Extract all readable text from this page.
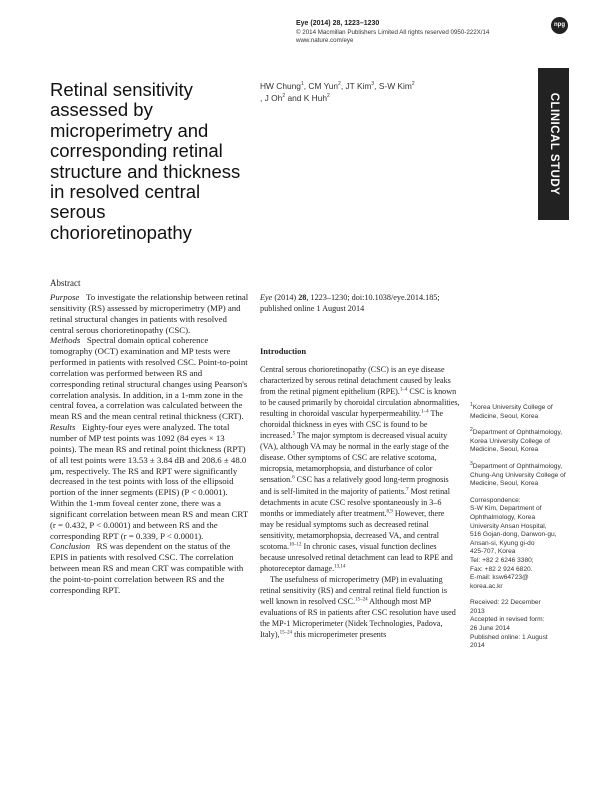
Eye (2014) 28, 1223–1230
© 2014 Macmillan Publishers Limited All rights reserved 0950-222X/14
www.nature.com/eye
npg
CLINICAL STUDY
Retinal sensitivity assessed by microperimetry and corresponding retinal structure and thickness in resolved central serous chorioretinopathy
HW Chung$^1$, CM Yun$^2$, JT Kim$^3$, S-W Kim$^2$
, J Oh$^2$ and K Huh$^2$
Abstract
Purpose To investigate the relationship between retinal sensitivity (RS) assessed by microperimetry (MP) and retinal structural changes in patients with resolved central serous chorioretinopathy (CSC).
Methods Spectral domain optical coherence tomography (OCT) examination and MP tests were performed in patients with resolved CSC. Point-to-point correlation was performed between RS and corresponding retinal structural changes using Pearson's correlation analysis. In addition, in a 1-mm zone in the central fovea, a correlation was calculated between the mean RS and the mean central retinal thickness (CRT).
Results Eighty-four eyes were analyzed. The total number of MP test points was 1092 (84 eyes × 13 points). The mean RS and retinal point thickness (RPT) of all test points were 13.53 ± 3.84 dB and 208.6 ± 48.0 μm, respectively. The RS and RPT were significantly decreased in the test points with loss of the ellipsoid portion of the inner segments (EPIS) (P < 0.0001). Within the 1-mm foveal center zone, there was a significant correlation between mean RS and mean CRT (r = 0.432, P < 0.0001) and between RS and the corresponding RPT (r = 0.339, P < 0.0001).
Conclusion RS was dependent on the status of the EPIS in patients with resolved CSC. The correlation between mean RS and mean CRT was compatible with the point-to-point correlation between RS and the corresponding RPT.
Eye (2014) 28, 1223–1230; doi:10.1038/eye.2014.185; published online 1 August 2014
Introduction

Central serous chorioretinopathy (CSC) is an eye disease characterized by serous retinal detachment caused by leaks from the retinal pigment epithelium (RPE).$^{1-4}$ CSC is known to be caused primarily by choroidal circulation abnormalities, resulting in choroidal vascular hyperpermeability.$^{1-4}$ The choroidal thickness in eyes with CSC is found to be increased.$^5$ The major symptom is decreased visual acuity (VA), although VA may be normal in the early stage of the disease. Other symptoms of CSC are relative scotoma, micropsia, metamorphopsia, and disturbance of color sensation.$^6$ CSC has a relatively good long-term prognosis and is self-limited in the majority of patients.$^7$ Most retinal detachments in acute CSC resolve spontaneously in 3–6 months or immediately after treatment.$^{8,9}$ However, there may be residual symptoms such as decreased retinal sensitivity, metamorphopsia, decreased VA, and central scotoma.$^{10-12}$ In chronic cases, visual function declines because unresolved retinal detachment can lead to RPE and photoreceptor damage.$^{13,14}$

The usefulness of microperimetry (MP) in evaluating retinal sensitivity (RS) and central retinal field function is well known in resolved CSC.$^{15-24}$ Although most MP evaluations of RS in patients after CSC resolution have used the MP-1 Microperimeter (Nidek Technologies, Padova, Italy),$^{15-24}$ this microperimeter presents

$^1$Korea University College of Medicine, Seoul, Korea

$^2$Department of Ophthalmology, Korea University College of Medicine, Seoul, Korea

$^3$Department of Ophthalmology, Chung-Ang University College of Medicine, Seoul, Korea

Correspondence:
S-W Kim, Department of
Ophthalmology, Korea
University Ansan Hospital,
516 Gojan-dong, Danwon-gu,
Ansan-si, Kyung gi-do
425-707, Korea
Tel: +82 2 6246 3380;
Fax: +82 2 924 6820.
E-mail: ksw64723@
korea.ac.kr

Received: 22 December
2013
Accepted in revised form:
26 June 2014
Published online: 1 August
2014
